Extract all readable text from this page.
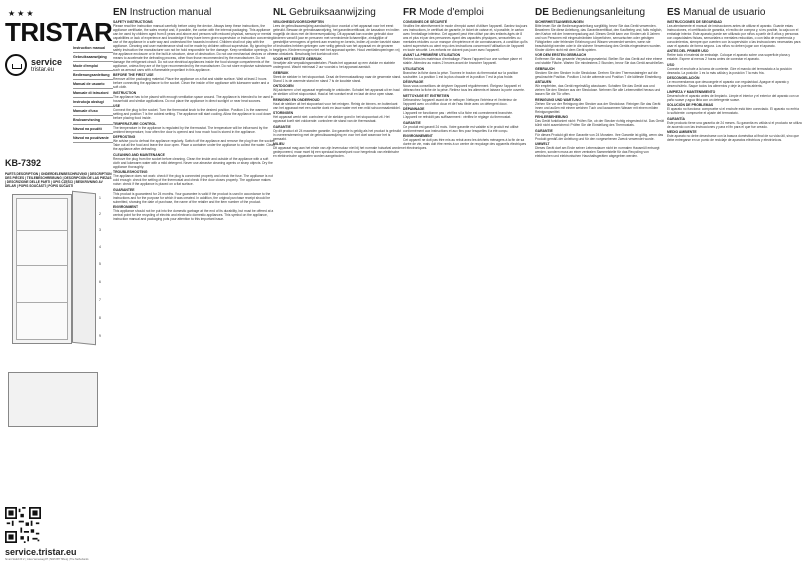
★★★
TRISTAR
Instruction manual
Gebruiksaanwijzing
Mode d'emploi
Bedienungsanleitung
Manual de usuario
Manuale di istruzioni
Instrukcja obsługi
Manuale d'uso
Bruksanvisning
Návod na použití
Návod na používanie
service
tristar.eu
KB-7392
PARTS DESCRIPTION | ONDERDELENBESCHRIJVING | DESCRIPTION DES PIÈCES | TEILEBESCHREIBUNG | DESCRIPCIÓN DE LAS PIEZAS | DESCRIZIONE DELLE PARTI | OPIS CZĘŚCI | BESKRIVNING AV DELAR | POPIS SOUČÁSTÍ | POPIS SÚČASTÍ
1
2
3
4
5
6
7
8
9
service.tristar.eu
Smart Switch B.V. | Jules Verneweg 87 | 5015 BH Tilburg | The Netherlands
EN Instruction manual
SAFETY INSTRUCTIONS
Please read the instruction manual carefully before using the device. Always keep these instructions, the appliance certificate, the sales receipt and, if possible, the carton with the internal packaging. This appliance can be used by children aged from 8 years and above and persons with reduced physical, sensory or mental capabilities or lack of experience and knowledge if they have been given supervision or instruction concerning use of the appliance in a safe way and understand the hazards involved. Children shall not play with the appliance. Cleaning and user maintenance shall not be made by children without supervision. By ignoring the safety instruction the manufacturer can not be hold responsible for the damage. Keep ventilation openings, in the appliance enclosure or in the built-in structure, clear of obstruction. Do not use mechanical devices or other means to accelerate the defrosting process, other than those recommended by the manufacturer. Do not damage the refrigerant circuit. Do not use electrical appliances inside the food storage compartments of the appliance, unless they are of the type recommended by the manufacturer. Do not store explosive substances such as aerosol cans with a flammable propellant in this appliance.
BEFORE THE FIRST USE
Remove all the packaging material. Place the appliance on a flat and stable surface. Wait at least 2 hours before connecting the appliance to the socket. Clean the inside of the appliance with lukewarm water and a soft cloth.
INSTRUCTION
The appliance has to be placed with enough ventilation space around. The appliance is intended to be used in household and similar applications. Do not place the appliance in direct sunlight or near heat sources.
USE
Connect the plug to the socket. Turn the thermostat knob to the desired position. Position 1 is the warmest setting and position 7 is the coldest setting. The appliance will start cooling. Allow the appliance to cool down before placing food inside.
TEMPERATURE CONTROL
The temperature in the appliance is regulated by the thermostat. The temperature will be influenced by the ambient temperature, how often the door is opened and how much food is stored in the appliance.
DEFROSTING
We advise you to defrost the appliance regularly. Switch off the appliance and remove the plug from the socket. Take out all the food and leave the door open. Place a container under the appliance to collect the water. Clean the appliance after defrosting.
CLEANING AND MAINTENANCE
Remove the plug from the socket before cleaning. Clean the inside and outside of the appliance with a soft cloth and lukewarm water with a mild detergent. Never use abrasive cleaning agents or sharp objects. Dry the appliance thoroughly.
TROUBLESHOOTING
The appliance does not work: check if the plug is connected properly and check the fuse. The appliance is not cold enough: check the setting of the thermostat and check if the door closes properly. The appliance makes noise: check if the appliance is placed on a flat surface.
GUARANTEE
This product is guaranteed for 24 months. Your guarantee is valid if the product is used in accordance to the instructions and for the purpose for which it was created. In addition, the original purchase receipt should be submitted, showing the date of purchase, the name of the retailer and the item number of the product.
ENVIRONMENT
This appliance should not be put into the domestic garbage at the end of its durability, but must be offered at a central point for the recycling of electric and electronic domestic appliances. This symbol on the appliance, instruction manual and packaging puts your attention to this important issue.
NL Gebruiksaanwijzing
VEILIGHEIDSVOORSCHRIFTEN
Lees de gebruiksaanwijzing aandachtig door voordat u het apparaat voor het eerst gebruikt. Bewaar de gebruiksaanwijzing, het garantiecertificaat, de kassabon en indien mogelijk de doos met de binnenverpakking. Dit apparaat kan worden gebruikt door kinderen vanaf 8 jaar en personen met verminderde lichamelijke, zintuiglijke of geestelijke vermogens of gebrek aan ervaring en kennis, indien zij onder toezicht staan of instructies hebben gekregen over veilig gebruik van het apparaat en de gevaren begrijpen. Kinderen mogen niet met het apparaat spelen. Houd ventilatieopeningen vrij van obstakels. Beschadig het koelcircuit niet.
VOOR HET EERSTE GEBRUIK
Verwijder alle verpakkingsmaterialen. Plaats het apparaat op een vlakke en stabiele ondergrond. Wacht minimaal 2 uur voordat u het apparaat aansluit.
GEBRUIK
Steek de stekker in het stopcontact. Draai de thermostaatknop naar de gewenste stand. Stand 1 is de warmste stand en stand 7 is de koudste stand.
ONTDOOIEN
Wij adviseren u het apparaat regelmatig te ontdooien. Schakel het apparaat uit en haal de stekker uit het stopcontact. Haal al het voedsel eruit en laat de deur open staan.
REINIGING EN ONDERHOUD
Haal de stekker uit het stopcontact voor het reinigen. Reinig de binnen- en buitenkant van het apparaat met een zachte doek en lauw water met een mild schoonmaakmiddel.
STORINGEN
Het apparaat werkt niet: controleer of de stekker goed in het stopcontact zit. Het apparaat koelt niet voldoende: controleer de stand van de thermostaat.
GARANTIE
Op dit product zit 24 maanden garantie. Uw garantie is geldig als het product is gebruikt in overeenstemming met de gebruiksaanwijzing en voor het doel waarvoor het is gemaakt.
MILIEU
Dit apparaat mag aan het einde van zijn levensduur niet bij het normale huisafval worden gedeponeerd, maar moet bij een speciaal inzamelpunt voor hergebruik van elektrische en elektronische apparaten worden aangeboden.
FR Mode d'emploi
CONSIGNES DE SÉCURITÉ
Veuillez lire attentivement le mode d'emploi avant d'utiliser l'appareil. Gardez toujours ces instructions, le certificat de garantie, le ticket de caisse et, si possible, le carton avec l'emballage intérieur. Cet appareil peut être utilisé par des enfants âgés de 8 ans et plus et par des personnes ayant des capacités physiques, sensorielles ou mentales réduites ou un manque d'expérience et de connaissances, à condition qu'ils soient supervisés ou aient reçu des instructions concernant l'utilisation de l'appareil en toute sécurité. Les enfants ne doivent pas jouer avec l'appareil.
AVANT LA PREMIÈRE UTILISATION
Retirez tous les matériaux d'emballage. Placez l'appareil sur une surface plane et stable. Attendez au moins 2 heures avant de brancher l'appareil.
UTILISATION
Branchez la fiche dans la prise. Tournez le bouton du thermostat sur la position souhaitée. La position 1 est la plus chaude et la position 7 est la plus froide.
DÉGIVRAGE
Nous vous conseillons de dégivrer l'appareil régulièrement. Éteignez l'appareil et débranchez la fiche de la prise. Retirez tous les aliments et laissez la porte ouverte.
NETTOYAGE ET ENTRETIEN
Débranchez l'appareil avant de le nettoyer. Nettoyez l'intérieur et l'extérieur de l'appareil avec un chiffon doux et de l'eau tiède avec un détergent doux.
DÉPANNAGE
L'appareil ne fonctionne pas : vérifiez si la fiche est correctement branchée. L'appareil ne refroidit pas suffisamment : vérifiez le réglage du thermostat.
GARANTIE
Ce produit est garanti 24 mois. Votre garantie est valable si le produit est utilisé conformément aux instructions et aux fins pour lesquelles il a été conçu.
ENVIRONNEMENT
Cet appareil ne doit pas être mis au rebut avec les déchets ménagers à la fin de sa durée de vie, mais doit être remis à un centre de recyclage des appareils électriques et électroniques.
DE Bedienungsanleitung
SICHERHEITSANWEISUNGEN
Bitte lesen Sie die Bedienungsanleitung sorgfältig, bevor Sie das Gerät verwenden. Bewahren Sie diese Anleitung, das Garantiezertifikat, den Kaufbeleg und, falls möglich, den Karton mit der Innenverpackung auf. Dieses Gerät kann von Kindern ab 8 Jahren und von Personen mit eingeschränkten körperlichen, sensorischen oder geistigen Fähigkeiten oder fehlender Erfahrung und Wissen verwendet werden, wenn sie beaufsichtigt werden oder in die sichere Verwendung des Geräts eingewiesen wurden. Kinder dürfen nicht mit dem Gerät spielen.
VOR DEM ERSTEN GEBRAUCH
Entfernen Sie das gesamte Verpackungsmaterial. Stellen Sie das Gerät auf eine ebene und stabile Fläche. Warten Sie mindestens 2 Stunden, bevor Sie das Gerät anschließen.
GEBRAUCH
Stecken Sie den Stecker in die Steckdose. Drehen Sie den Thermostatregler auf die gewünschte Position. Position 1 ist die wärmste und Position 7 die kälteste Einstellung.
ABTAUEN
Wir empfehlen, das Gerät regelmäßig abzutauen. Schalten Sie das Gerät aus und ziehen Sie den Stecker aus der Steckdose. Nehmen Sie alle Lebensmittel heraus und lassen Sie die Tür offen.
REINIGUNG UND WARTUNG
Ziehen Sie vor der Reinigung den Stecker aus der Steckdose. Reinigen Sie das Gerät innen und außen mit einem weichen Tuch und lauwarmem Wasser mit einem milden Reinigungsmittel.
FEHLERBEHEBUNG
Das Gerät funktioniert nicht: Prüfen Sie, ob der Stecker richtig eingesteckt ist. Das Gerät kühlt nicht ausreichend: Prüfen Sie die Einstellung des Thermostats.
GARANTIE
Für dieses Produkt gilt eine Garantie von 24 Monaten. Ihre Garantie ist gültig, wenn das Produkt gemäß der Anleitung und für den vorgesehenen Zweck verwendet wurde.
UMWELT
Dieses Gerät darf am Ende seiner Lebensdauer nicht im normalen Hausmüll entsorgt werden, sondern muss an einer zentralen Sammelstelle für das Recycling von elektrischen und elektronischen Haushaltsgeräten abgegeben werden.
ES Manual de usuario
INSTRUCCIONES DE SEGURIDAD
Lea atentamente el manual de instrucciones antes de utilizar el aparato. Guarde estas instrucciones, el certificado de garantía, el recibo de compra y, si es posible, la caja con el embalaje interior. Este aparato puede ser utilizado por niños a partir de 8 años y personas con capacidades físicas, sensoriales o mentales reducidas, o con falta de experiencia y conocimientos, siempre que cuenten con la supervisión o las instrucciones necesarias para usar el aparato de forma segura. Los niños no deben jugar con el aparato.
ANTES DEL PRIMER USO
Retire todo el material de embalaje. Coloque el aparato sobre una superficie plana y estable. Espere al menos 2 horas antes de conectar el aparato.
USO
Conecte el enchufe a la toma de corriente. Gire el mando del termostato a la posición deseada. La posición 1 es la más cálida y la posición 7 la más fría.
DESCONGELACIÓN
Le recomendamos que descongele el aparato con regularidad. Apague el aparato y desenchúfelo. Saque todos los alimentos y deje la puerta abierta.
LIMPIEZA Y MANTENIMIENTO
Desenchufe el aparato antes de limpiarlo. Limpie el interior y el exterior del aparato con un paño suave y agua tibia con un detergente suave.
SOLUCIÓN DE PROBLEMAS
El aparato no funciona: compruebe si el enchufe está bien conectado. El aparato no enfría lo suficiente: compruebe el ajuste del termostato.
GARANTÍA
Este producto tiene una garantía de 24 meses. Su garantía es válida si el producto se utiliza de acuerdo con las instrucciones y para el fin para el que fue creado.
MEDIO AMBIENTE
Este aparato no debe desecharse con la basura doméstica al final de su vida útil, sino que debe entregarse en un punto de reciclaje de aparatos eléctricos y electrónicos.
